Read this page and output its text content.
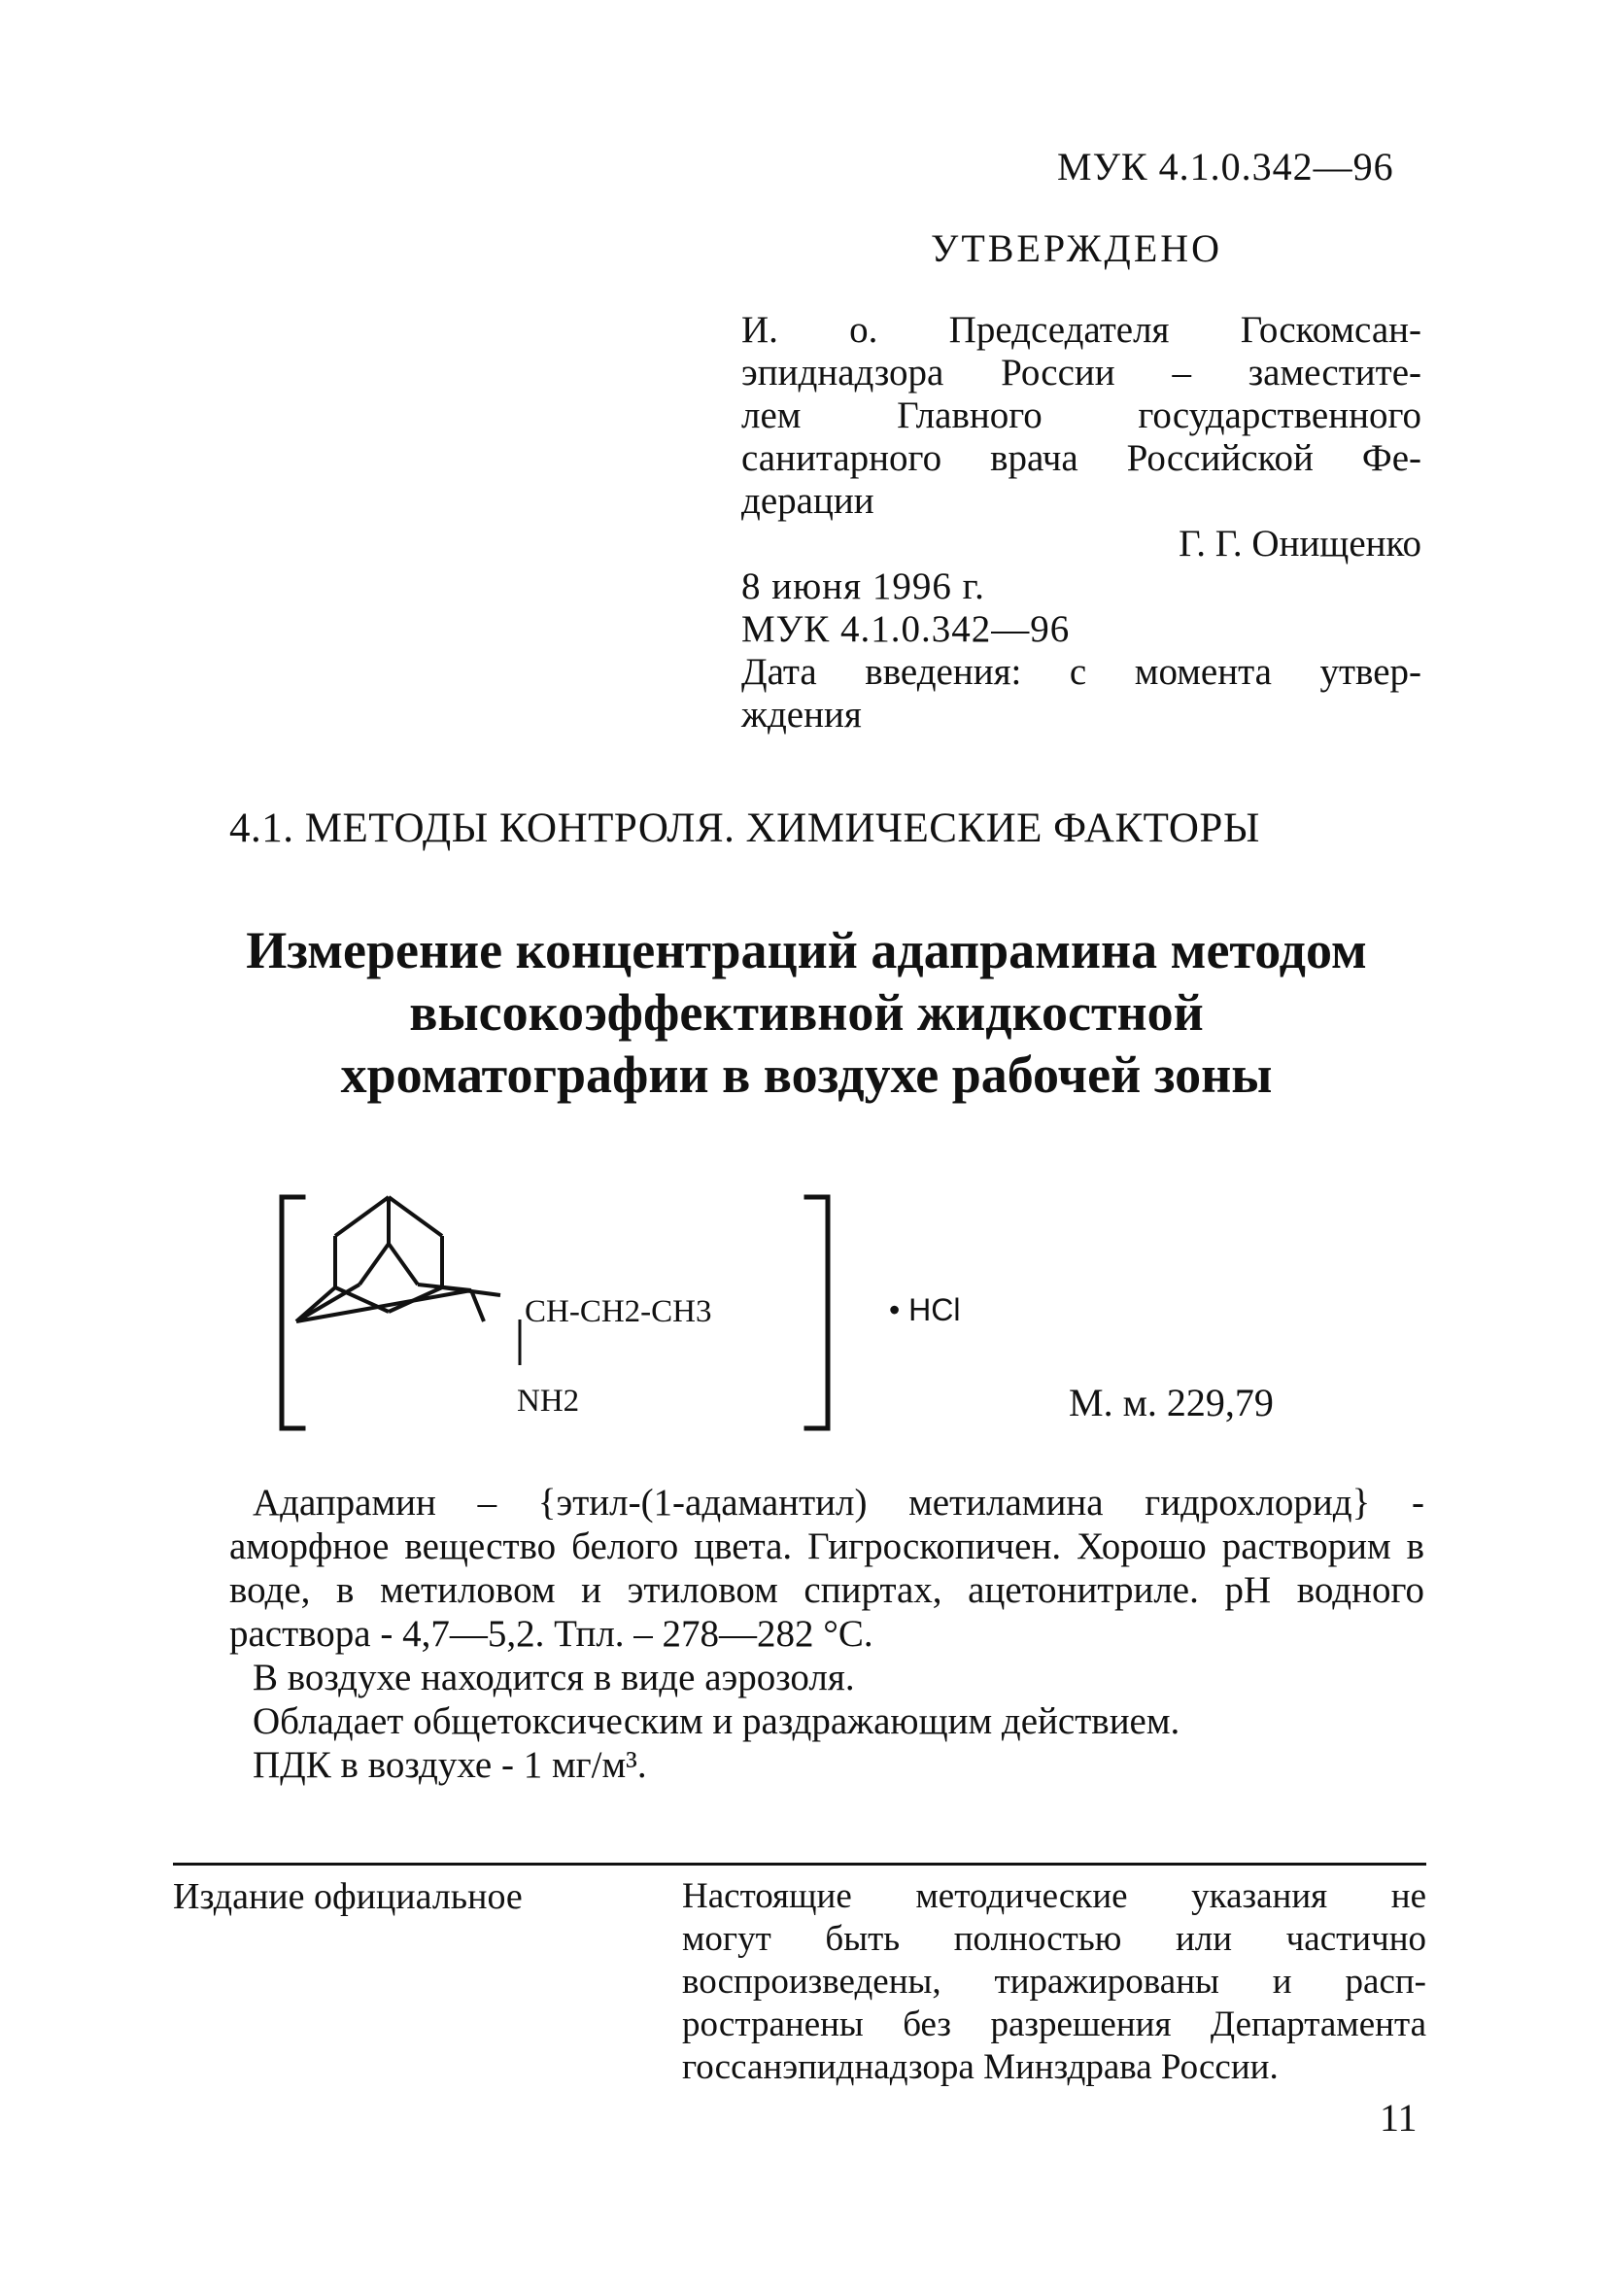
МУК 4.1.0.342—96
УТВЕРЖДЕНО
И. о. Председателя Госкомсан-
эпиднадзора России – заместите-
лем Главного государственного
санитарного врача Российской Фе-
дерации
Г. Г. Онищенко
8 июня 1996 г.
МУК 4.1.0.342—96
Дата введения: с момента утвер-
ждения
4.1. МЕТОДЫ КОНТРОЛЯ. ХИМИЧЕСКИЕ ФАКТОРЫ
Измерение концентраций адапрамина методом
высокоэффективной жидкостной
хроматографии в воздухе рабочей зоны
CH-CH2-CH3
NH2
• HCl
М. м. 229,79
Адапрамин – {этил-(1-адамантил) метиламина гидрохлорид} - аморфное вещество белого цвета. Гигроскопичен. Хорошо растворим в воде, в метиловом и этиловом спиртах, ацетонитриле. рН водного раствора - 4,7—5,2. Тпл. – 278—282 °С.
В воздухе находится в виде аэрозоля.
Обладает общетоксическим и раздражающим действием.
ПДК в воздухе - 1 мг/м³.
Издание официальное	Настоящие методические указания не
могут быть полностью или частично
воспроизведены, тиражированы и расп-
ространены без разрешения Департамента
госсанэпиднадзора Минздрава России.
11
